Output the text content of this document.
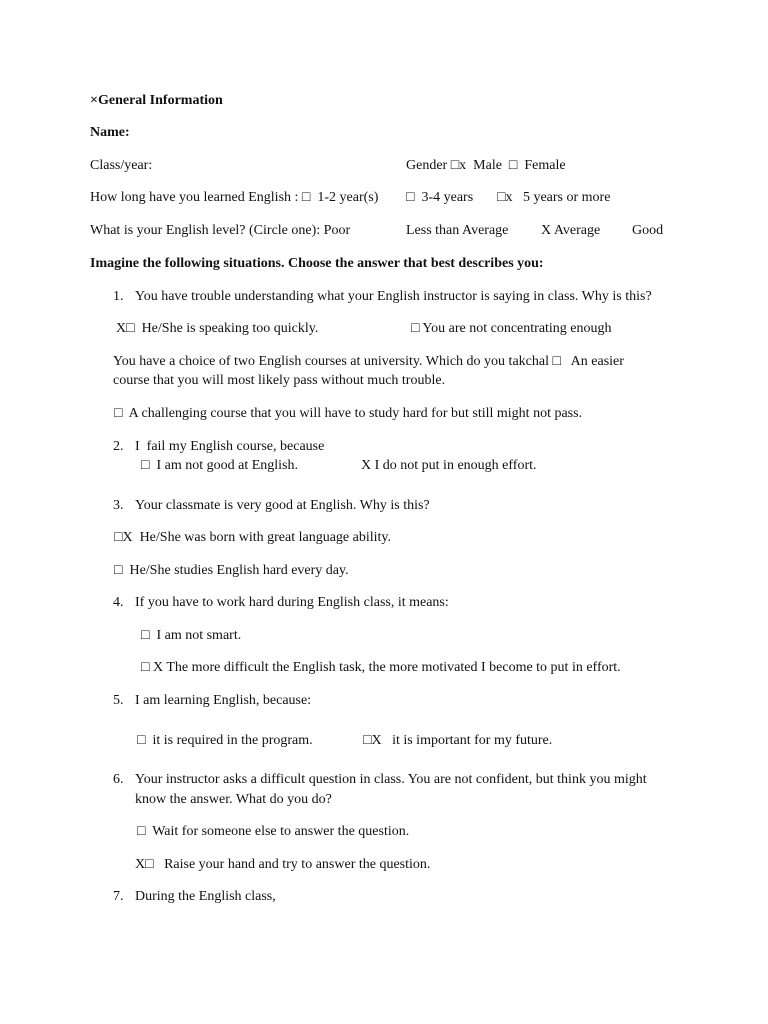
×General Information
Name:
Class/year:	Gender □x  Male  □  Female
How long have you learned English : □  1-2 year(s) □  3-4 years □x   5 years or more
What is your English level? (Circle one): Poor	Less than Average X Average Good
Imagine the following situations. Choose the answer that best describes you:
1. You have trouble understanding what your English instructor is saying in class. Why is this?
X□  He/She is speaking too quickly.	□ You are not concentrating enough
You have a choice of two English courses at university. Which do you takchal □   An easier
course that you will most likely pass without much trouble.
□  A challenging course that you will have to study hard for but still might not pass.
2. I  fail my English course, because
□  I am not good at English.	X I do not put in enough effort.
3. Your classmate is very good at English. Why is this?
□X  He/She was born with great language ability.
□  He/She studies English hard every day.
4. If you have to work hard during English class, it means:
□  I am not smart.
□ X The more difficult the English task, the more motivated I become to put in effort.
5. I am learning English, because:
□  it is required in the program.	□X   it is important for my future.
6. Your instructor asks a difficult question in class. You are not confident, but think you might
know the answer. What do you do?
□  Wait for someone else to answer the question.
X□   Raise your hand and try to answer the question.
7. During the English class,
